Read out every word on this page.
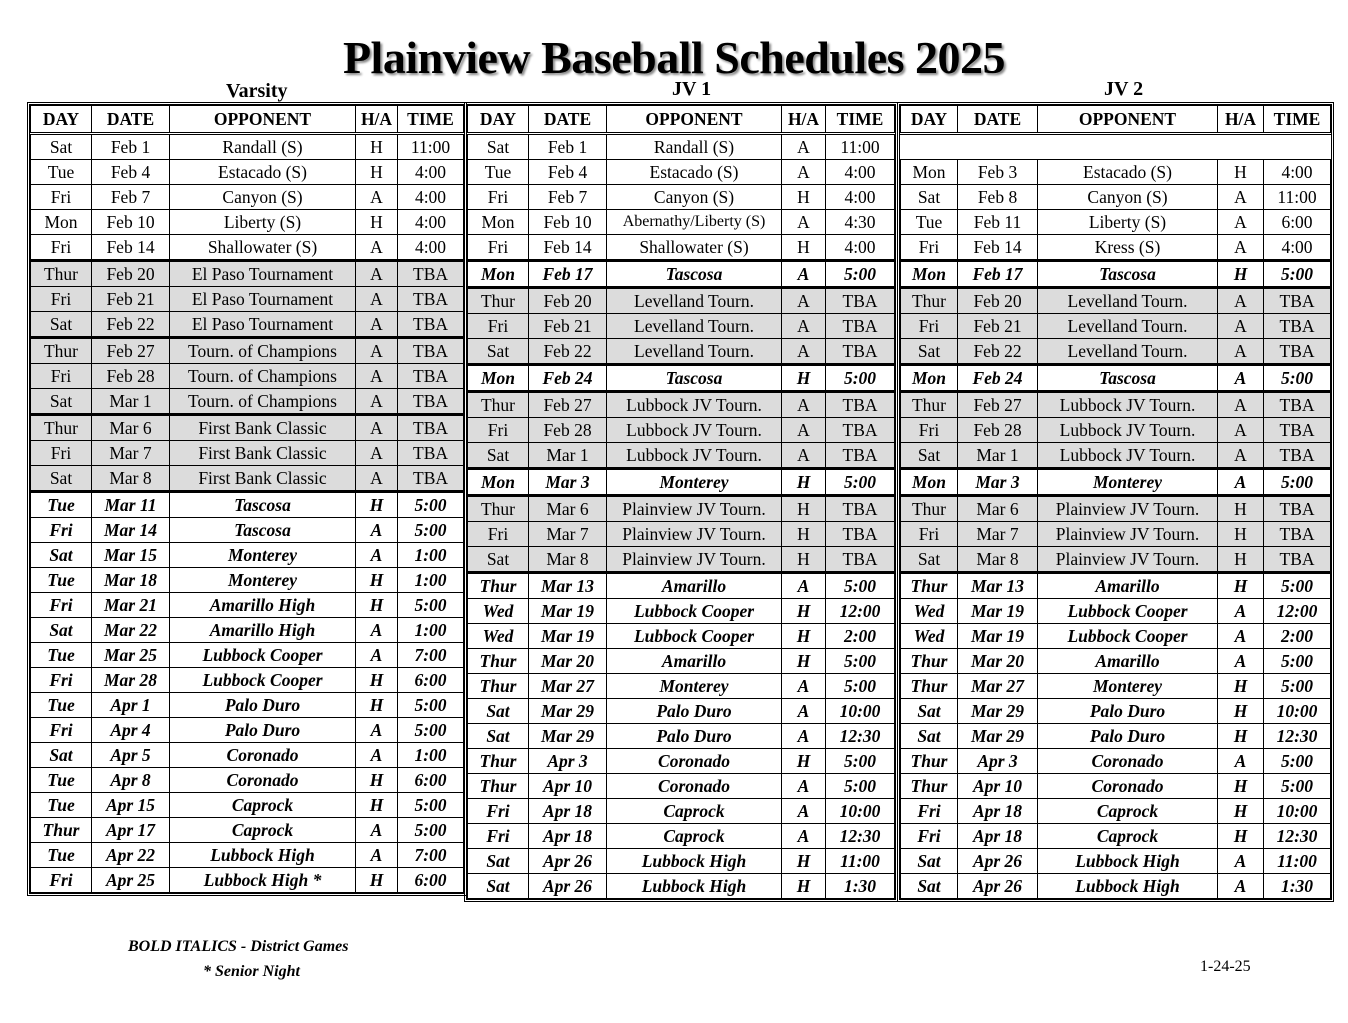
Plainview Baseball Schedules 2025
Varsity	JV 1	JV 2
DAY	DATE	OPPONENT	H/A	TIME
Sat	Feb 1	Randall (S)	H	11:00
Tue	Feb 4	Estacado (S)	H	4:00
Fri	Feb 7	Canyon (S)	A	4:00
Mon	Feb 10	Liberty (S)	H	4:00
Fri	Feb 14	Shallowater (S)	A	4:00
Thur	Feb 20	El Paso Tournament	A	TBA
Fri	Feb 21	El Paso Tournament	A	TBA
Sat	Feb 22	El Paso Tournament	A	TBA
Thur	Feb 27	Tourn. of Champions	A	TBA
Fri	Feb 28	Tourn. of Champions	A	TBA
Sat	Mar 1	Tourn. of Champions	A	TBA
Thur	Mar 6	First Bank Classic	A	TBA
Fri	Mar 7	First Bank Classic	A	TBA
Sat	Mar 8	First Bank Classic	A	TBA
Tue	Mar 11	Tascosa	H	5:00
Fri	Mar 14	Tascosa	A	5:00
Sat	Mar 15	Monterey	A	1:00
Tue	Mar 18	Monterey	H	1:00
Fri	Mar 21	Amarillo High	H	5:00
Sat	Mar 22	Amarillo High	A	1:00
Tue	Mar 25	Lubbock Cooper	A	7:00
Fri	Mar 28	Lubbock Cooper	H	6:00
Tue	Apr 1	Palo Duro	H	5:00
Fri	Apr 4	Palo Duro	A	5:00
Sat	Apr 5	Coronado	A	1:00
Tue	Apr 8	Coronado	H	6:00
Tue	Apr 15	Caprock	H	5:00
Thur	Apr 17	Caprock	A	5:00
Tue	Apr 22	Lubbock High	A	7:00
Fri	Apr 25	Lubbock High *	H	6:00
DAY	DATE	OPPONENT	H/A	TIME
Sat	Feb 1	Randall (S)	A	11:00
Tue	Feb 4	Estacado (S)	A	4:00
Fri	Feb 7	Canyon (S)	H	4:00
Mon	Feb 10	Abernathy/Liberty (S)	A	4:30
Fri	Feb 14	Shallowater (S)	H	4:00
Mon	Feb 17	Tascosa	A	5:00
Thur	Feb 20	Levelland Tourn.	A	TBA
Fri	Feb 21	Levelland Tourn.	A	TBA
Sat	Feb 22	Levelland Tourn.	A	TBA
Mon	Feb 24	Tascosa	H	5:00
Thur	Feb 27	Lubbock JV Tourn.	A	TBA
Fri	Feb 28	Lubbock JV Tourn.	A	TBA
Sat	Mar 1	Lubbock JV Tourn.	A	TBA
Mon	Mar 3	Monterey	H	5:00
Thur	Mar 6	Plainview JV Tourn.	H	TBA
Fri	Mar 7	Plainview JV Tourn.	H	TBA
Sat	Mar 8	Plainview JV Tourn.	H	TBA
Thur	Mar 13	Amarillo	A	5:00
Wed	Mar 19	Lubbock Cooper	H	12:00
Wed	Mar 19	Lubbock Cooper	H	2:00
Thur	Mar 20	Amarillo	H	5:00
Thur	Mar 27	Monterey	A	5:00
Sat	Mar 29	Palo Duro	A	10:00
Sat	Mar 29	Palo Duro	A	12:30
Thur	Apr 3	Coronado	H	5:00
Thur	Apr 10	Coronado	A	5:00
Fri	Apr 18	Caprock	A	10:00
Fri	Apr 18	Caprock	A	12:30
Sat	Apr 26	Lubbock High	H	11:00
Sat	Apr 26	Lubbock High	H	1:30
DAY	DATE	OPPONENT	H/A	TIME

Mon	Feb 3	Estacado (S)	H	4:00
Sat	Feb 8	Canyon (S)	A	11:00
Tue	Feb 11	Liberty (S)	A	6:00
Fri	Feb 14	Kress (S)	A	4:00
Mon	Feb 17	Tascosa	H	5:00
Thur	Feb 20	Levelland Tourn.	A	TBA
Fri	Feb 21	Levelland Tourn.	A	TBA
Sat	Feb 22	Levelland Tourn.	A	TBA
Mon	Feb 24	Tascosa	A	5:00
Thur	Feb 27	Lubbock JV Tourn.	A	TBA
Fri	Feb 28	Lubbock JV Tourn.	A	TBA
Sat	Mar 1	Lubbock JV Tourn.	A	TBA
Mon	Mar 3	Monterey	A	5:00
Thur	Mar 6	Plainview JV Tourn.	H	TBA
Fri	Mar 7	Plainview JV Tourn.	H	TBA
Sat	Mar 8	Plainview JV Tourn.	H	TBA
Thur	Mar 13	Amarillo	H	5:00
Wed	Mar 19	Lubbock Cooper	A	12:00
Wed	Mar 19	Lubbock Cooper	A	2:00
Thur	Mar 20	Amarillo	A	5:00
Thur	Mar 27	Monterey	H	5:00
Sat	Mar 29	Palo Duro	H	10:00
Sat	Mar 29	Palo Duro	H	12:30
Thur	Apr 3	Coronado	A	5:00
Thur	Apr 10	Coronado	H	5:00
Fri	Apr 18	Caprock	H	10:00
Fri	Apr 18	Caprock	H	12:30
Sat	Apr 26	Lubbock High	A	11:00
Sat	Apr 26	Lubbock High	A	1:30
BOLD ITALICS - District Games
* Senior Night	1-24-25
